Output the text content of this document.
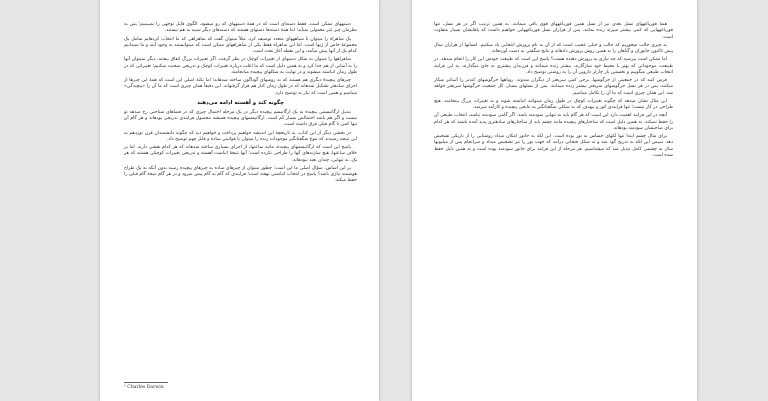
دستههای ممکن است، فقط دسته‌ای است که در همهٔ دستههای که رو میشود، الگوی قابل توجهی را نمیبینیم؛ پس به نظرمان چیز غیر معمولی نمیآید؛ اما همهٔ دسته‌ها دستهای هستند که دسته‌های دیگر شبیه به هم نیستند.

یک شاهراه را میتوان با سیاهههای متعدد توصیف کرد. مثلاً میتوان گفت که شاهراهی که ما انتخاب کردهایم شامل یک مجموعهٔ خاص از ژنها است. اما این شاهراه فقط یکی از شاهراههای ممکن است که میتوانستند به وجود آیند و ما نمیدانیم کدام یک از آنها پیش میآمد، و این نقطه آغاز بحث است.

شاهراهها را میتوان به شکل دستهای از تغییرات کوچک در نظر گرفت. اگر تغییرات بزرگ اتفاق بیفتند، دیگر نمیتوان آنها را به آسانی از هم جدا کرد و به همین دلیل است که ما اغلب درباره تغییرات کوچک و تدریجی صحبت میکنیم؛ تغییراتی که در طول زمان انباشته میشوند و در نهایت به شکلهای پیچیده میانجامند.

چیزهای پیچیدهٔ دیگری هم هستند که به روشهای گوناگون ساخته شدهاند؛ اما نکتهٔ اصلی این است که همهٔ این چیزها از اجزای سادهتر تشکیل شدهاند که در طول زمان کنار هم قرار گرفتهاند. این دقیقاً همان چیزی است که ما آن را «پیچیدگی» مینامیم و همین است که نیاز به توضیح دارد.

چگونه کند و آهسته ادامه می‌دهند

تبدیل ارگانیسمی پیچیده به یک ارگانیسم پیچیده دیگر در یک مرحله احتمال چیزی که در فضاهای شناختی رخ میدهد تو نیست و اگر هم باشد احتمالش بسیار کم است. ارگانیسمهای پیچیده همیشه محصول فرایندی تدریجی بودهاند و هر گام آن تنها کمی با گام قبلی فرق داشته است.

در بخشی دیگر از این کتاب، به تاریخچهٔ این اندیشه خواهیم پرداخت و خواهیم دید که چگونه دانشمندان قرن نوزدهم به این نتیجه رسیدند که تنوع شگفتانگیز موجودات زنده را میتوان با قوانینی ساده و قابل فهم توضیح داد.

پاسخ این است که ارگانیسمهای پیچیده، مانند ساعتها، از اجزای بسیاری ساخته شدهاند که هر کدام نقشی دارند. اما بر خلاف ساعتها، هیچ سازندهای آنها را طراحی نکرده است؛ آنها نتیجهٔ انباشت آهسته و تدریجی تغییرات کوچکی هستند که هر یک، به تنهایی، چندان بعید نبودهاند.

بر این اساس، سؤال اصلی ما این است: چطور میتوان از چیزهای ساده به چیزهای پیچیده رسید بدون آنکه به یک طراح هوشمند نیازی باشد؟ پاسخ در انتخاب انباشتی نهفته است؛ فرایندی که گام به گام پیش میرود و در هر گام نتیجهٔ گام قبلی را حفظ میکند.

¹ Charles Darwin

همهٔ قورباغههای نسل بعدی نیز از نسل همین قورباغههای قوی باقی میمانند. به همین ترتیب اگر در هر نسل، تنها قورباغههایی که کمی بیشتر میپرند زنده بمانند، پس از هزاران نسل قورباغههایی خواهیم داشت که پاهایشان بسیار متفاوت است.

به چیزی جالب میخوریم که جالب و خیلی عجیب است که از آن به نام پرورش انتخابی یاد میکنیم. انسانها از هزاران سال پیش تاکنون جانوران و گیاهان را به همین روش پرورش دادهاند و نتایج شگفتی به دست آوردهاند.

اما ممکن است بپرسید که چه نیازی به پرورش دهنده هست؟ پاسخ این است که طبیعت خودش این کار را انجام میدهد. در طبیعت، موجوداتی که بهتر با محیط خود سازگارند، بیشتر زنده میمانند و فرزندان بیشتری به جای میگذارند. به این فرایند انتخاب طبیعی میگوییم و نخستین بار چارلز داروین آن را به روشنی توضیح داد.

فرض کنید که در جمعیتی از خرگوشها، برخی کمی سریعتر از دیگران میدوند. روباهها خرگوشهای کندتر را آسانتر شکار میکنند، پس در هر نسل خرگوشهای سریعتر بیشتر زنده میمانند. پس از نسلهای بسیار، کل جمعیت خرگوشها سریعتر خواهد شد. این همان چیزی است که ما آن را تکامل مینامیم.

این مثال نشان میدهد که چگونه تغییرات کوچک در طول زمان میتوانند انباشته شوند و به تغییرات بزرگ بینجامند. هیچ طراحی در کار نیست؛ تنها فرایندی کور و بیهدف که به شکلی شگفتانگیز به نتایجی پیچیده و کارآمد میرسد.

آنچه در این فرایند اهمیت دارد این است که هر گام باید به تنهایی سودمند باشد. اگر گامی سودمند نباشد، انتخاب طبیعی آن را حفظ نمیکند. به همین دلیل است که ساختارهای پیچیده مانند چشم باید از ساختارهای سادهتری پدید آمده باشند که هر کدام برای صاحبشان سودمند بودهاند.

برای مثال چشم ابتدا تنها لکهای حساس به نور بوده است. این لکه به جانور امکان میداد روشنایی را از تاریکی تشخیص دهد. سپس این لکه به تدریج گود شد و به شکل فنجانی درآمد که جهت نور را نیز تشخیص میداد و سرانجام پس از میلیونها سال به چشمی کامل تبدیل شد که میشناسیم. هر مرحله از این فرایند برای جانور سودمند بوده است و به همین دلیل حفظ شده است.
